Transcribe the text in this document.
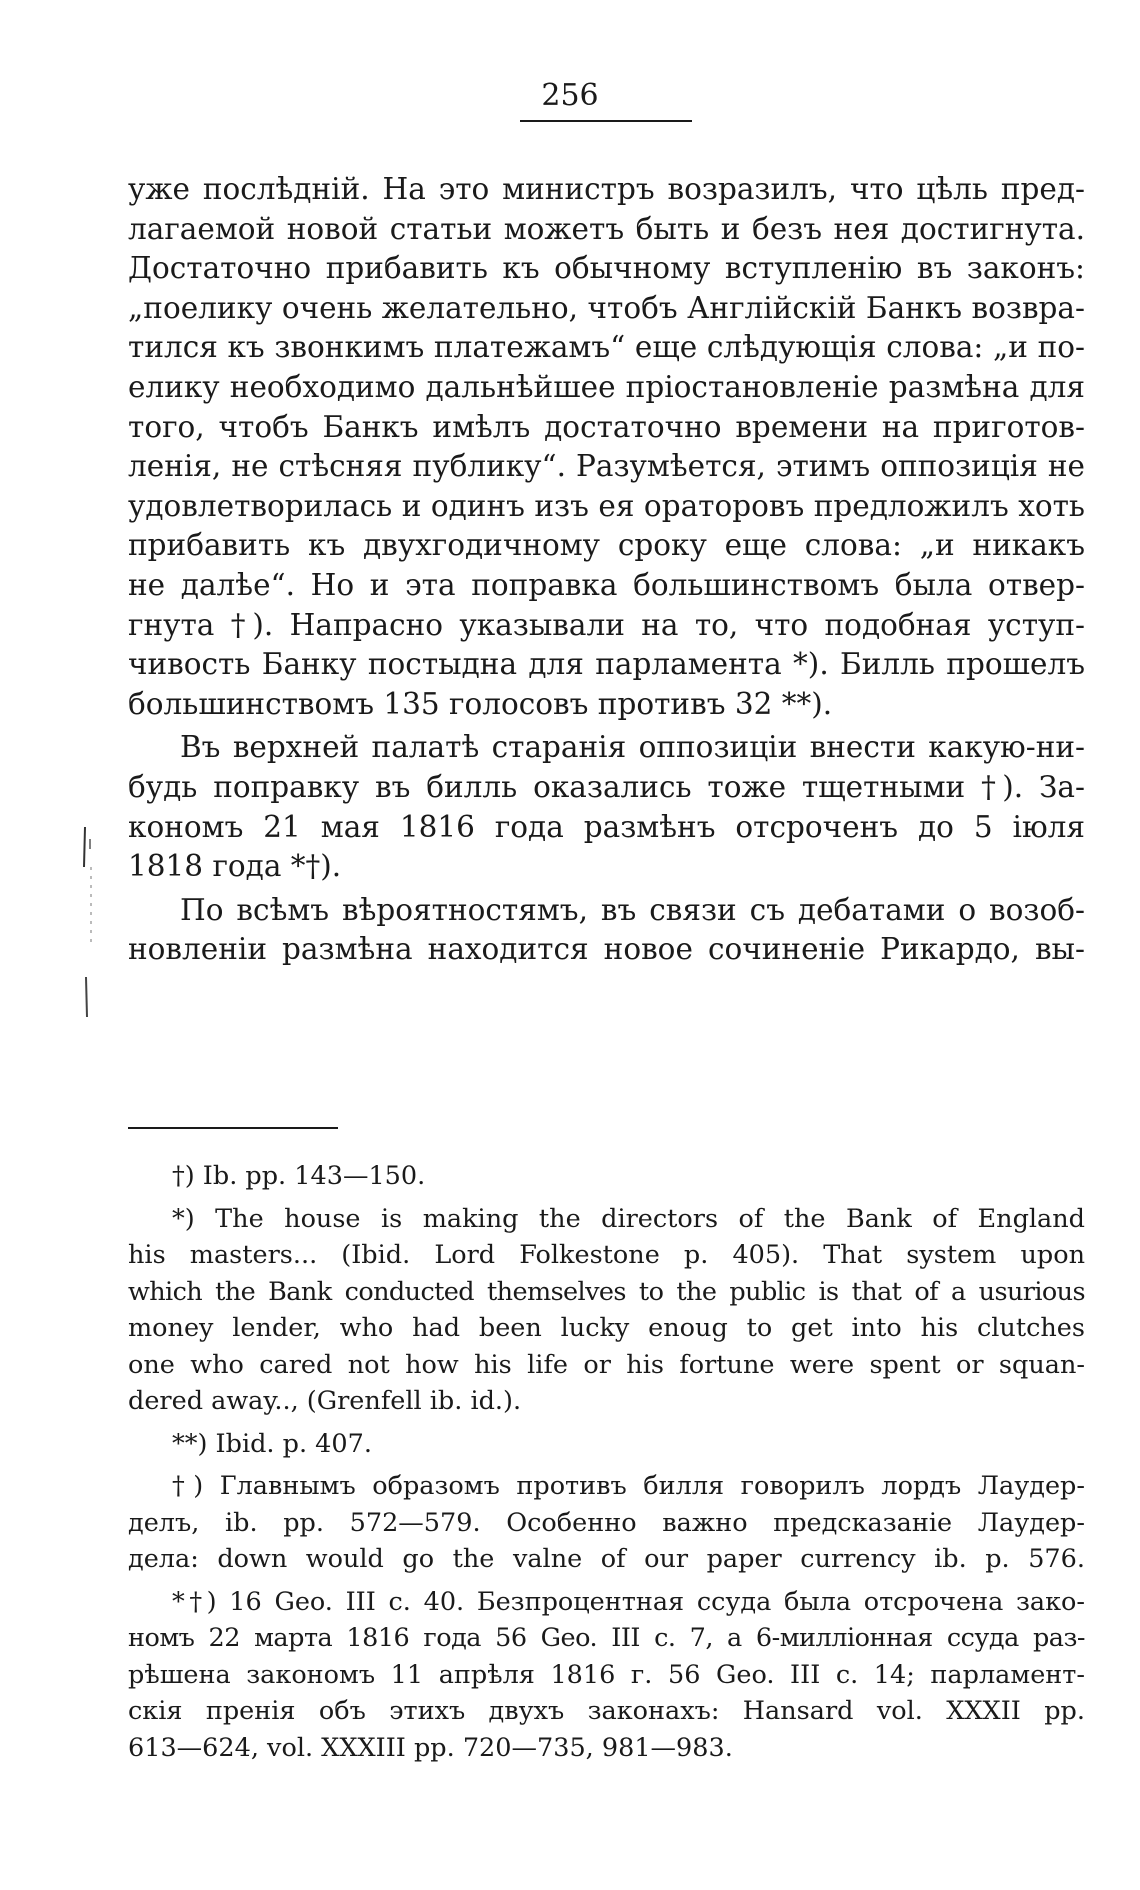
256

уже послѣдній. На это министръ возразилъ, что цѣль пред-
лагаемой новой статьи можетъ быть и безъ нея достигнута.
Достаточно прибавить къ обычному вступленію въ законъ:
„поелику очень желательно, чтобъ Англійскій Банкъ возвра-
тился къ звонкимъ платежамъ“ еще слѣдующія слова: „и по-
елику необходимо дальнѣйшее пріостановленіе размѣна для
того, чтобъ Банкъ имѣлъ достаточно времени на приготов-
ленія, не стѣсняя публику“. Разумѣется, этимъ оппозиція не
удовлетворилась и одинъ изъ ея ораторовъ предложилъ хоть
прибавить къ двухгодичному сроку еще слова: „и никакъ
не далѣе“. Но и эта поправка большинствомъ была отвер-
гнута †). Напрасно указывали на то, что подобная уступ-
чивость Банку постыдна для парламента *). Билль прошелъ
большинствомъ 135 голосовъ противъ 32 **).

Въ верхней палатѣ старанія оппозиціи внести какую-ни-
будь поправку въ билль оказались тоже тщетными †). За-
кономъ 21 мая 1816 года размѣнъ отсроченъ до 5 іюля
1818 года *†).

По всѣмъ вѣроятностямъ, въ связи съ дебатами о возоб-
новленіи размѣна находится новое сочиненіе Рикардо, вы-

†) Ib. pp. 143—150.
*) The house is making the directors of the Bank of England
his masters... (Ibid. Lord Folkestone p. 405). That system upon
which the Bank conducted themselves to the public is that of a usurious
money lender, who had been lucky enoug to get into his clutches
one who cared not how his life or his fortune were spent or squan-
dered away.., (Grenfell ib. id.).
**) Ibid. p. 407.
†) Главнымъ образомъ противъ билля говорилъ лордъ Лаудер-
делъ, ib. pp. 572—579. Особенно важно предсказаніе Лаудер-
дела: down would go the valne of our paper currency ib. p. 576.
*†) 16 Geo. III c. 40. Безпроцентная ссуда была отсрочена зако-
номъ 22 марта 1816 года 56 Geo. III c. 7, а 6-милліонная ссуда раз-
рѣшена закономъ 11 апрѣля 1816 г. 56 Geo. III c. 14; парламент-
скія пренія объ этихъ двухъ законахъ: Hansard vol. XXXII pp.
613—624, vol. XXXIII pp. 720—735, 981—983.
